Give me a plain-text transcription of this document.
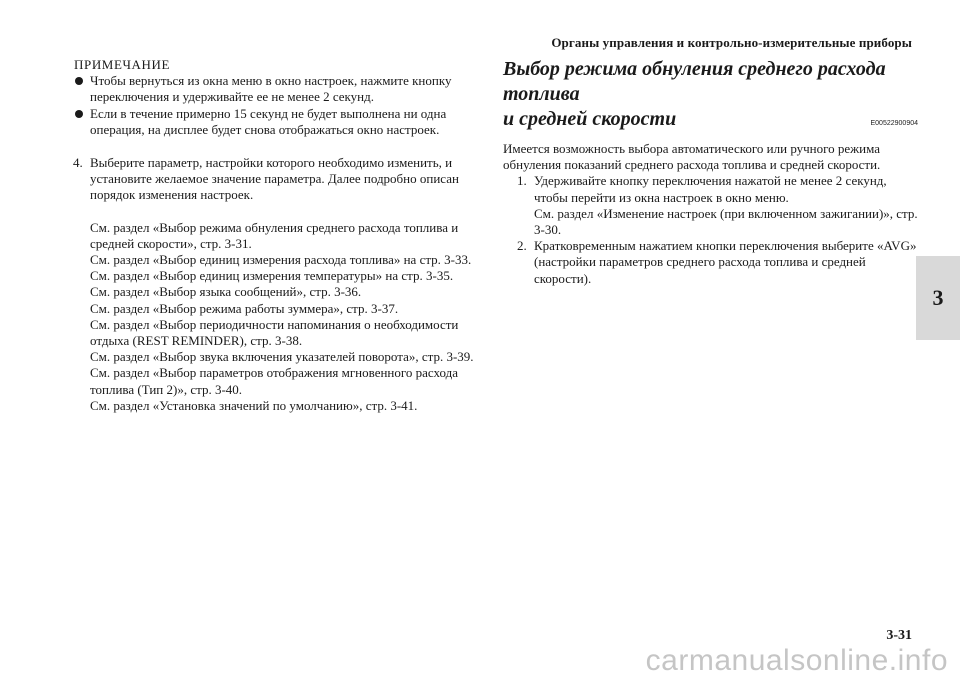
Органы управления и контрольно-измерительные приборы
3
ПРИМЕЧАНИЕ
Чтобы вернуться из окна меню в окно настроек, нажмите кнопку переключения и удерживайте ее не менее 2 секунд.
Если в течение примерно 15 секунд не будет выполнена ни одна операция, на дисплее будет снова отображаться окно настроек.
4. Выберите параметр, настройки которого необходимо изменить, и установите желаемое значение параметра. Далее подробно описан порядок изменения настроек.
См. раздел «Выбор режима обнуления среднего расхода топлива и средней скорости», стр. 3-31.
См. раздел «Выбор единиц измерения расхода топлива» на стр. 3-33.
См. раздел «Выбор единиц измерения температуры» на стр. 3-35.
См. раздел «Выбор языка сообщений», стр. 3-36.
См. раздел «Выбор режима работы зуммера», стр. 3-37.
См. раздел «Выбор периодичности напоминания о необходимости отдыха (REST REMINDER), стр. 3-38.
См. раздел «Выбор звука включения указателей поворота», стр. 3-39.
См. раздел «Выбор параметров отображения мгновенного расхода топлива (Тип 2)», стр. 3-40.
См. раздел «Установка значений по умолчанию», стр. 3-41.
Выбор режима обнуления среднего расхода топлива
и средней скорости	E00522900904
Имеется возможность выбора автоматического или ручного режима обнуления показаний среднего расхода топлива и средней скорости.
1. Удерживайте кнопку переключения нажатой не менее 2 секунд, чтобы перейти из окна настроек в окно меню.
См. раздел «Изменение настроек (при включенном зажигании)», стр. 3-30.
2. Кратковременным нажатием кнопки переключения выберите «AVG» (настройки параметров среднего расхода топлива и средней скорости).
3-31
carmanualsonline.info
